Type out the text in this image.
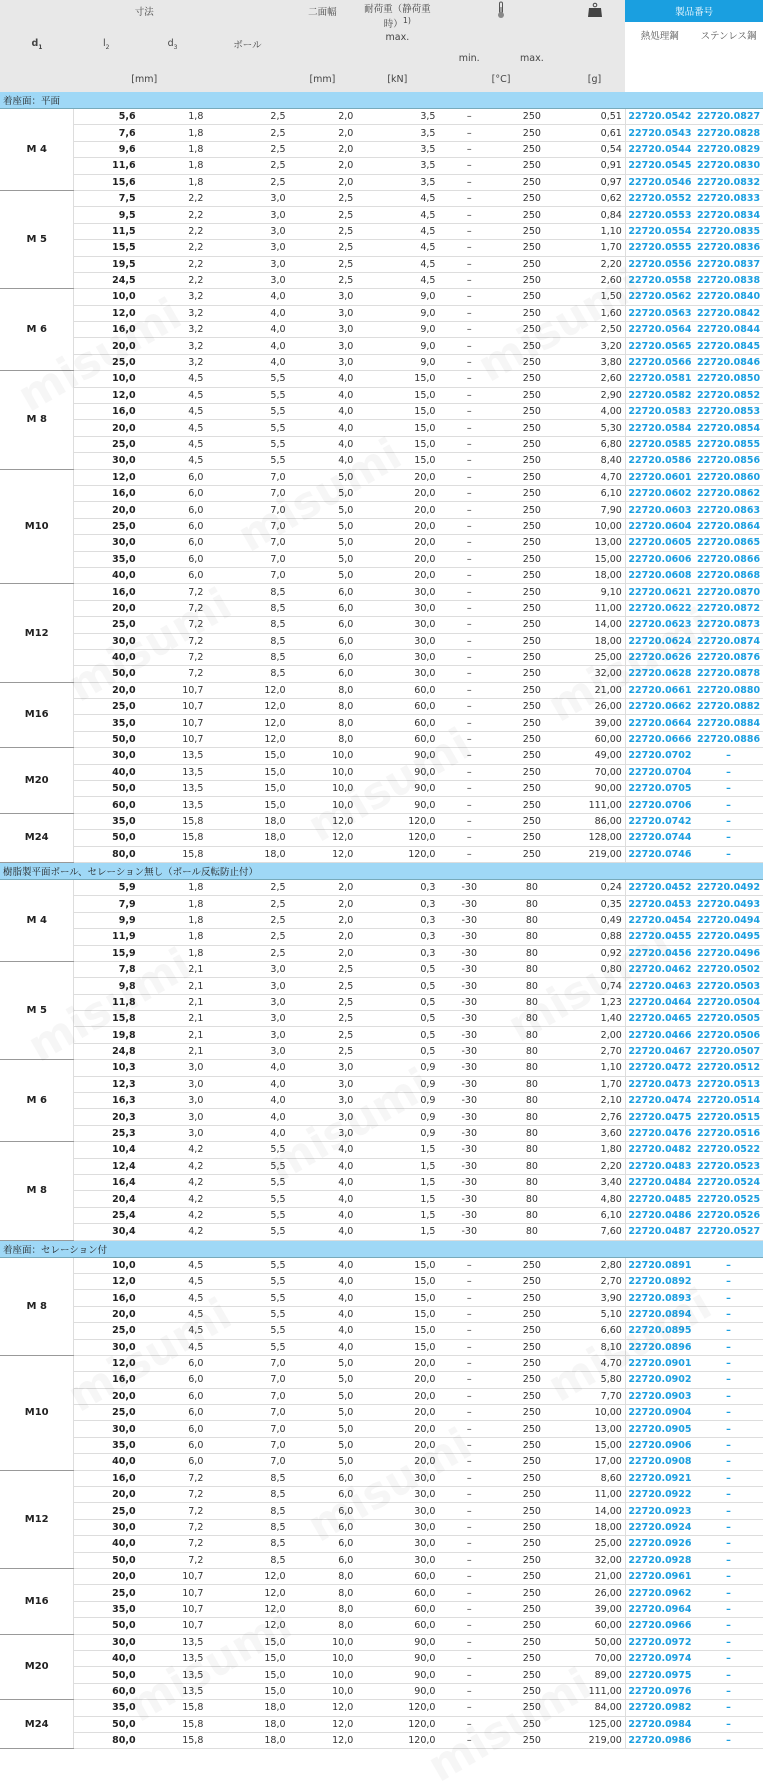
寸法				二面幅	耐荷重（静荷重時）$^{1)}$
max.				製品番号	
$d_1$	$l_2$	$d_3$	ボール			min.	max.		熱処理鋼	ステンレス鋼
[mm]				[mm]	[kN]	[°C]		[g]		
着座面：平面										
M 4	5,6	1,8	2,5	2,0	3,5	–	250	0,51	22720.0542	22720.0827
	7,6	1,8	2,5	2,0	3,5	–	250	0,61	22720.0543	22720.0828
	9,6	1,8	2,5	2,0	3,5	–	250	0,54	22720.0544	22720.0829
	11,6	1,8	2,5	2,0	3,5	–	250	0,91	22720.0545	22720.0830
	15,6	1,8	2,5	2,0	3,5	–	250	0,97	22720.0546	22720.0832
M 5	7,5	2,2	3,0	2,5	4,5	–	250	0,62	22720.0552	22720.0833
	9,5	2,2	3,0	2,5	4,5	–	250	0,84	22720.0553	22720.0834
	11,5	2,2	3,0	2,5	4,5	–	250	1,10	22720.0554	22720.0835
	15,5	2,2	3,0	2,5	4,5	–	250	1,70	22720.0555	22720.0836
	19,5	2,2	3,0	2,5	4,5	–	250	2,20	22720.0556	22720.0837
	24,5	2,2	3,0	2,5	4,5	–	250	2,60	22720.0558	22720.0838
M 6	10,0	3,2	4,0	3,0	9,0	–	250	1,50	22720.0562	22720.0840
	12,0	3,2	4,0	3,0	9,0	–	250	1,60	22720.0563	22720.0842
	16,0	3,2	4,0	3,0	9,0	–	250	2,50	22720.0564	22720.0844
	20,0	3,2	4,0	3,0	9,0	–	250	3,20	22720.0565	22720.0845
	25,0	3,2	4,0	3,0	9,0	–	250	3,80	22720.0566	22720.0846
M 8	10,0	4,5	5,5	4,0	15,0	–	250	2,60	22720.0581	22720.0850
	12,0	4,5	5,5	4,0	15,0	–	250	2,90	22720.0582	22720.0852
	16,0	4,5	5,5	4,0	15,0	–	250	4,00	22720.0583	22720.0853
	20,0	4,5	5,5	4,0	15,0	–	250	5,30	22720.0584	22720.0854
	25,0	4,5	5,5	4,0	15,0	–	250	6,80	22720.0585	22720.0855
	30,0	4,5	5,5	4,0	15,0	–	250	8,40	22720.0586	22720.0856
M10	12,0	6,0	7,0	5,0	20,0	–	250	4,70	22720.0601	22720.0860
	16,0	6,0	7,0	5,0	20,0	–	250	6,10	22720.0602	22720.0862
	20,0	6,0	7,0	5,0	20,0	–	250	7,90	22720.0603	22720.0863
	25,0	6,0	7,0	5,0	20,0	–	250	10,00	22720.0604	22720.0864
	30,0	6,0	7,0	5,0	20,0	–	250	13,00	22720.0605	22720.0865
	35,0	6,0	7,0	5,0	20,0	–	250	15,00	22720.0606	22720.0866
	40,0	6,0	7,0	5,0	20,0	–	250	18,00	22720.0608	22720.0868
M12	16,0	7,2	8,5	6,0	30,0	–	250	9,10	22720.0621	22720.0870
	20,0	7,2	8,5	6,0	30,0	–	250	11,00	22720.0622	22720.0872
	25,0	7,2	8,5	6,0	30,0	–	250	14,00	22720.0623	22720.0873
	30,0	7,2	8,5	6,0	30,0	–	250	18,00	22720.0624	22720.0874
	40,0	7,2	8,5	6,0	30,0	–	250	25,00	22720.0626	22720.0876
	50,0	7,2	8,5	6,0	30,0	–	250	32,00	22720.0628	22720.0878
M16	20,0	10,7	12,0	8,0	60,0	–	250	21,00	22720.0661	22720.0880
	25,0	10,7	12,0	8,0	60,0	–	250	26,00	22720.0662	22720.0882
	35,0	10,7	12,0	8,0	60,0	–	250	39,00	22720.0664	22720.0884
	50,0	10,7	12,0	8,0	60,0	–	250	60,00	22720.0666	22720.0886
M20	30,0	13,5	15,0	10,0	90,0	–	250	49,00	22720.0702	–
	40,0	13,5	15,0	10,0	90,0	–	250	70,00	22720.0704	–
	50,0	13,5	15,0	10,0	90,0	–	250	90,00	22720.0705	–
	60,0	13,5	15,0	10,0	90,0	–	250	111,00	22720.0706	–
M24	35,0	15,8	18,0	12,0	120,0	–	250	86,00	22720.0742	–
	50,0	15,8	18,0	12,0	120,0	–	250	128,00	22720.0744	–
	80,0	15,8	18,0	12,0	120,0	–	250	219,00	22720.0746	–
樹脂製平面ボール、セレーション無し（ボール反転防止付）										
M 4	5,9	1,8	2,5	2,0	0,3	-30	80	0,24	22720.0452	22720.0492
	7,9	1,8	2,5	2,0	0,3	-30	80	0,35	22720.0453	22720.0493
	9,9	1,8	2,5	2,0	0,3	-30	80	0,49	22720.0454	22720.0494
	11,9	1,8	2,5	2,0	0,3	-30	80	0,88	22720.0455	22720.0495
	15,9	1,8	2,5	2,0	0,3	-30	80	0,92	22720.0456	22720.0496
M 5	7,8	2,1	3,0	2,5	0,5	-30	80	0,80	22720.0462	22720.0502
	9,8	2,1	3,0	2,5	0,5	-30	80	0,74	22720.0463	22720.0503
	11,8	2,1	3,0	2,5	0,5	-30	80	1,23	22720.0464	22720.0504
	15,8	2,1	3,0	2,5	0,5	-30	80	1,40	22720.0465	22720.0505
	19,8	2,1	3,0	2,5	0,5	-30	80	2,00	22720.0466	22720.0506
	24,8	2,1	3,0	2,5	0,5	-30	80	2,70	22720.0467	22720.0507
M 6	10,3	3,0	4,0	3,0	0,9	-30	80	1,10	22720.0472	22720.0512
	12,3	3,0	4,0	3,0	0,9	-30	80	1,70	22720.0473	22720.0513
	16,3	3,0	4,0	3,0	0,9	-30	80	2,10	22720.0474	22720.0514
	20,3	3,0	4,0	3,0	0,9	-30	80	2,76	22720.0475	22720.0515
	25,3	3,0	4,0	3,0	0,9	-30	80	3,60	22720.0476	22720.0516
M 8	10,4	4,2	5,5	4,0	1,5	-30	80	1,80	22720.0482	22720.0522
	12,4	4,2	5,5	4,0	1,5	-30	80	2,20	22720.0483	22720.0523
	16,4	4,2	5,5	4,0	1,5	-30	80	3,40	22720.0484	22720.0524
	20,4	4,2	5,5	4,0	1,5	-30	80	4,80	22720.0485	22720.0525
	25,4	4,2	5,5	4,0	1,5	-30	80	6,10	22720.0486	22720.0526
	30,4	4,2	5,5	4,0	1,5	-30	80	7,60	22720.0487	22720.0527
着座面：セレーション付										
M 8	10,0	4,5	5,5	4,0	15,0	–	250	2,80	22720.0891	–
	12,0	4,5	5,5	4,0	15,0	–	250	2,70	22720.0892	–
	16,0	4,5	5,5	4,0	15,0	–	250	3,90	22720.0893	–
	20,0	4,5	5,5	4,0	15,0	–	250	5,10	22720.0894	–
	25,0	4,5	5,5	4,0	15,0	–	250	6,60	22720.0895	–
	30,0	4,5	5,5	4,0	15,0	–	250	8,10	22720.0896	–
M10	12,0	6,0	7,0	5,0	20,0	–	250	4,70	22720.0901	–
	16,0	6,0	7,0	5,0	20,0	–	250	5,80	22720.0902	–
	20,0	6,0	7,0	5,0	20,0	–	250	7,70	22720.0903	–
	25,0	6,0	7,0	5,0	20,0	–	250	10,00	22720.0904	–
	30,0	6,0	7,0	5,0	20,0	–	250	13,00	22720.0905	–
	35,0	6,0	7,0	5,0	20,0	–	250	15,00	22720.0906	–
	40,0	6,0	7,0	5,0	20,0	–	250	17,00	22720.0908	–
M12	16,0	7,2	8,5	6,0	30,0	–	250	8,60	22720.0921	–
	20,0	7,2	8,5	6,0	30,0	–	250	11,00	22720.0922	–
	25,0	7,2	8,5	6,0	30,0	–	250	14,00	22720.0923	–
	30,0	7,2	8,5	6,0	30,0	–	250	18,00	22720.0924	–
	40,0	7,2	8,5	6,0	30,0	–	250	25,00	22720.0926	–
	50,0	7,2	8,5	6,0	30,0	–	250	32,00	22720.0928	–
M16	20,0	10,7	12,0	8,0	60,0	–	250	21,00	22720.0961	–
	25,0	10,7	12,0	8,0	60,0	–	250	26,00	22720.0962	–
	35,0	10,7	12,0	8,0	60,0	–	250	39,00	22720.0964	–
	50,0	10,7	12,0	8,0	60,0	–	250	60,00	22720.0966	–
M20	30,0	13,5	15,0	10,0	90,0	–	250	50,00	22720.0972	–
	40,0	13,5	15,0	10,0	90,0	–	250	70,00	22720.0974	–
	50,0	13,5	15,0	10,0	90,0	–	250	89,00	22720.0975	–
	60,0	13,5	15,0	10,0	90,0	–	250	111,00	22720.0976	–
M24	35,0	15,8	18,0	12,0	120,0	–	250	84,00	22720.0982	–
	50,0	15,8	18,0	12,0	120,0	–	250	125,00	22720.0984	–
	80,0	15,8	18,0	12,0	120,0	–	250	219,00	22720.0986	–
